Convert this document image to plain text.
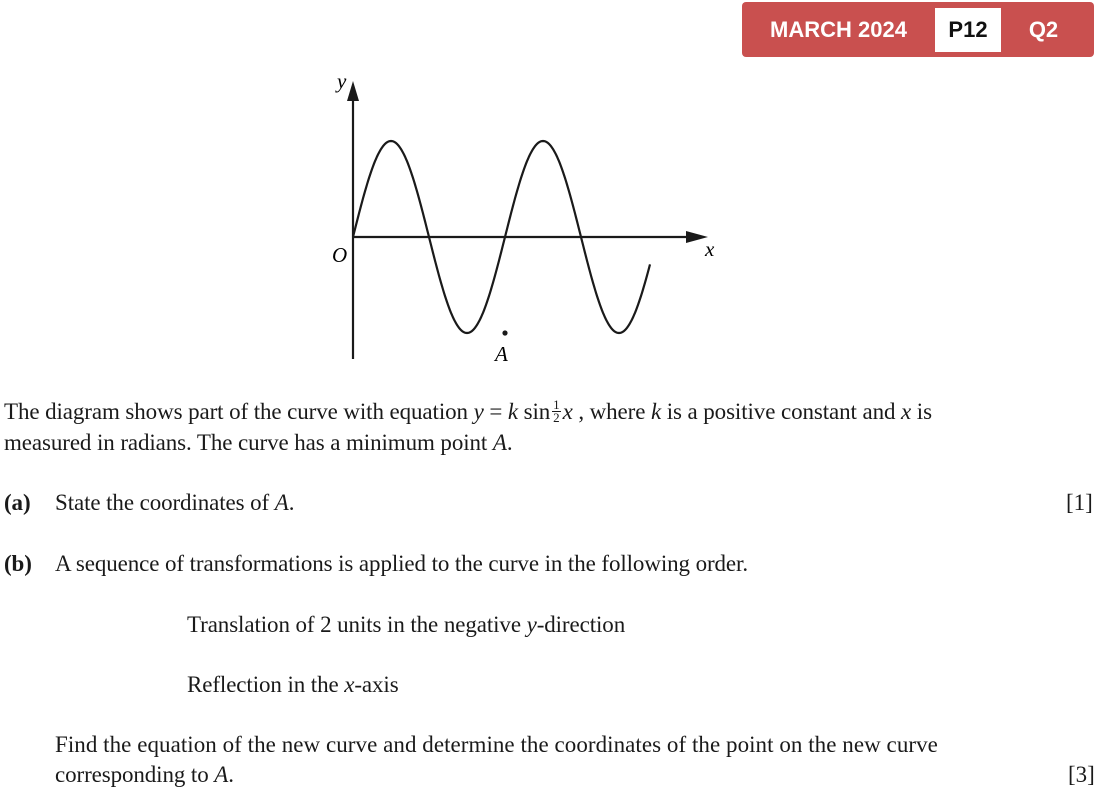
MARCH 2024	P12	Q2
y
x
O
A
The diagram shows part of the curve with equation y = k $\sin \frac{1}{2}$ x , where k is a positive constant and x is
measured in radians. The curve has a minimum point A.
(a) State the coordinates of A.	[1]
(b) A sequence of transformations is applied to the curve in the following order.
Translation of 2 units in the negative y-direction
Reflection in the x-axis
Find the equation of the new curve and determine the coordinates of the point on the new curve
corresponding to A.	[3]
